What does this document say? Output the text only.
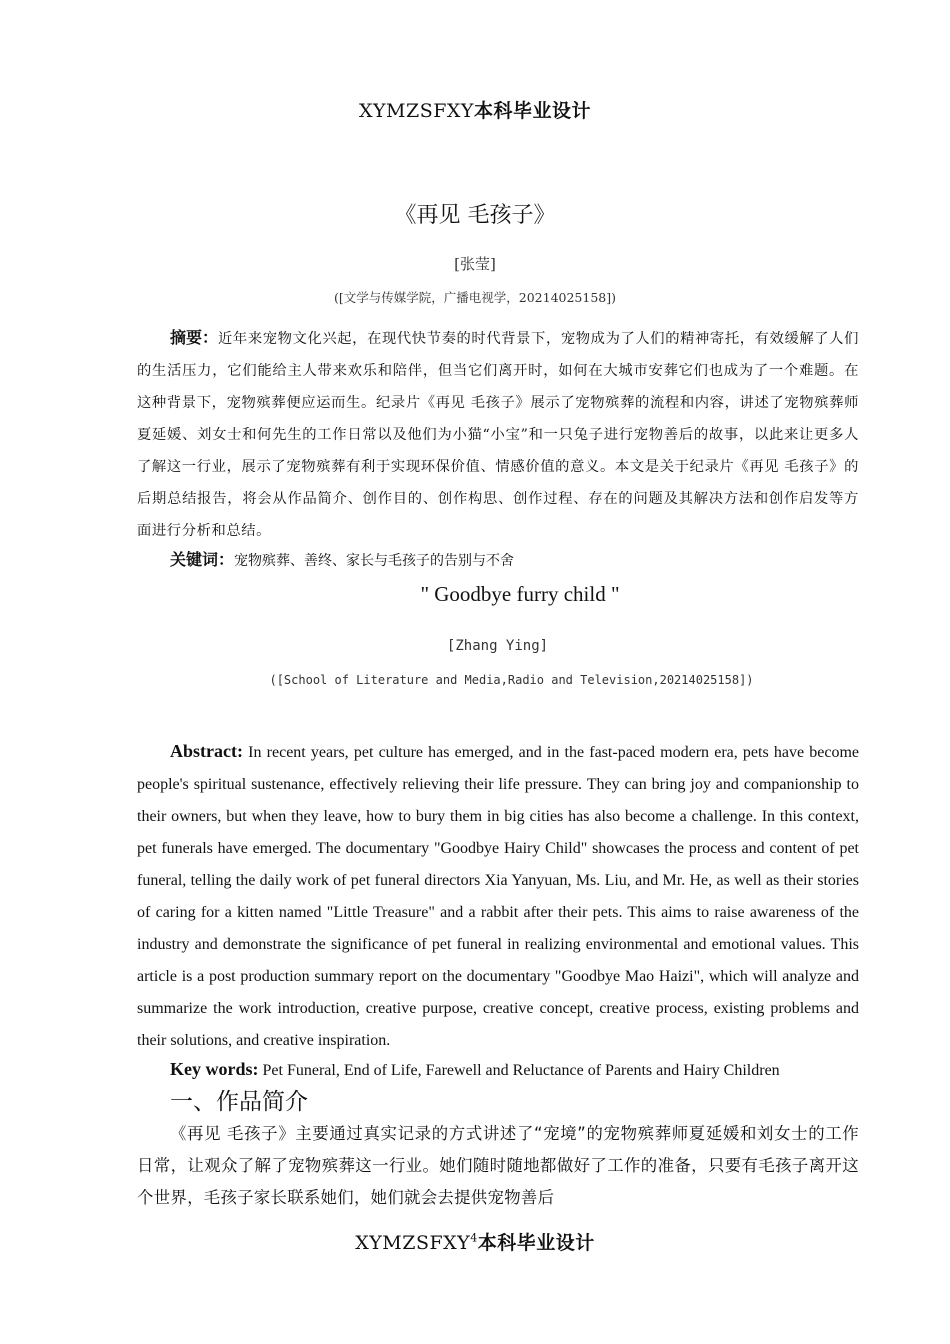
XYMZSFXY本科毕业设计
《再见 毛孩子》
[张莹]
([文学与传媒学院，广播电视学，20214025158])
摘要：近年来宠物文化兴起，在现代快节奏的时代背景下，宠物成为了人们的精神寄托，有效缓解了人们的生活压力，它们能给主人带来欢乐和陪伴，但当它们离开时，如何在大城市安葬它们也成为了一个难题。在这种背景下，宠物殡葬便应运而生。纪录片《再见 毛孩子》展示了宠物殡葬的流程和内容，讲述了宠物殡葬师夏延媛、刘女士和何先生的工作日常以及他们为小猫“小宝”和一只兔子进行宠物善后的故事，以此来让更多人了解这一行业，展示了宠物殡葬有利于实现环保价值、情感价值的意义。本文是关于纪录片《再见 毛孩子》的后期总结报告，将会从作品简介、创作目的、创作构思、创作过程、存在的问题及其解决方法和创作启发等方面进行分析和总结。
关键词：宠物殡葬、善终、家长与毛孩子的告别与不舍
" Goodbye furry child "
[Zhang Ying]
([School of Literature and Media,Radio and Television,20214025158])
Abstract: In recent years, pet culture has emerged, and in the fast-paced modern era, pets have become people's spiritual sustenance, effectively relieving their life pressure. They can bring joy and companionship to their owners, but when they leave, how to bury them in big cities has also become a challenge. In this context, pet funerals have emerged. The documentary "Goodbye Hairy Child" showcases the process and content of pet funeral, telling the daily work of pet funeral directors Xia Yanyuan, Ms. Liu, and Mr. He, as well as their stories of caring for a kitten named "Little Treasure" and a rabbit after their pets. This aims to raise awareness of the industry and demonstrate the significance of pet funeral in realizing environmental and emotional values. This article is a post production summary report on the documentary "Goodbye Mao Haizi", which will analyze and summarize the work introduction, creative purpose, creative concept, creative process, existing problems and their solutions, and creative inspiration.
Key words: Pet Funeral, End of Life, Farewell and Reluctance of Parents and Hairy Children
一、作品简介
《再见 毛孩子》主要通过真实记录的方式讲述了“宠境”的宠物殡葬师夏延媛和刘女士的工作日常，让观众了解了宠物殡葬这一行业。她们随时随地都做好了工作的准备，只要有毛孩子离开这个世界，毛孩子家长联系她们，她们就会去提供宠物善后
XYMZSFXY$^4$本科毕业设计
